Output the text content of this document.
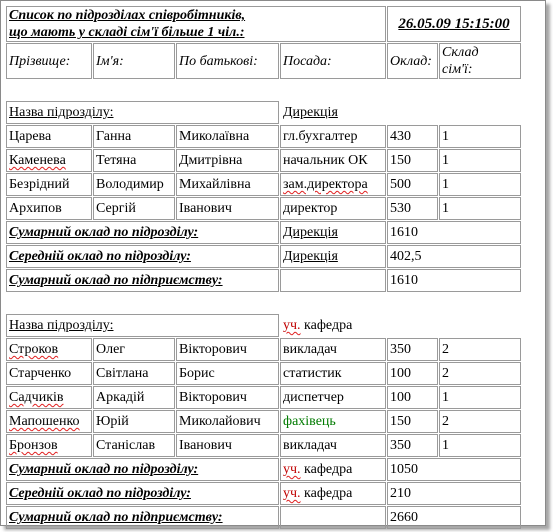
Список по підрозділах співробітників,
що мають у складі сім'ї більше 1 чіл.:				26.05.09 15:15:00	
Прізвище:	Ім'я:	По батькові:	Посада:	Оклад:	Склад
сім'ї:

Назва підрозділу:			Дирекція		
Царева	Ганна	Миколаївна	гл.бухгалтер	430	1
Каменева	Тетяна	Дмитрівна	начальник ОК	150	1
Безрідний	Володимир	Михайлівна	зам.директора	500	1
Архипов	Сергій	Іванович	директор	530	1
Сумарний оклад по підрозділу:			Дирекція	1610	
Середній оклад по підрозділу:			Дирекція	402,5	
Сумарний оклад по підприємству:				1610	

Назва підрозділу:			уч. кафедра		
Строков	Олег	Вікторович	викладач	350	2
Старченко	Світлана	Борис	статистик	100	2
Садчиків	Аркадій	Вікторович	диспетчер	100	1
Мапошенко	Юрій	Миколайович	фахівець	150	2
Бронзов	Станіслав	Іванович	викладач	350	1
Сумарний оклад по підрозділу:			уч. кафедра	1050	
Середній оклад по підрозділу:			уч. кафедра	210	
Сумарний оклад по підприємству:				2660	
